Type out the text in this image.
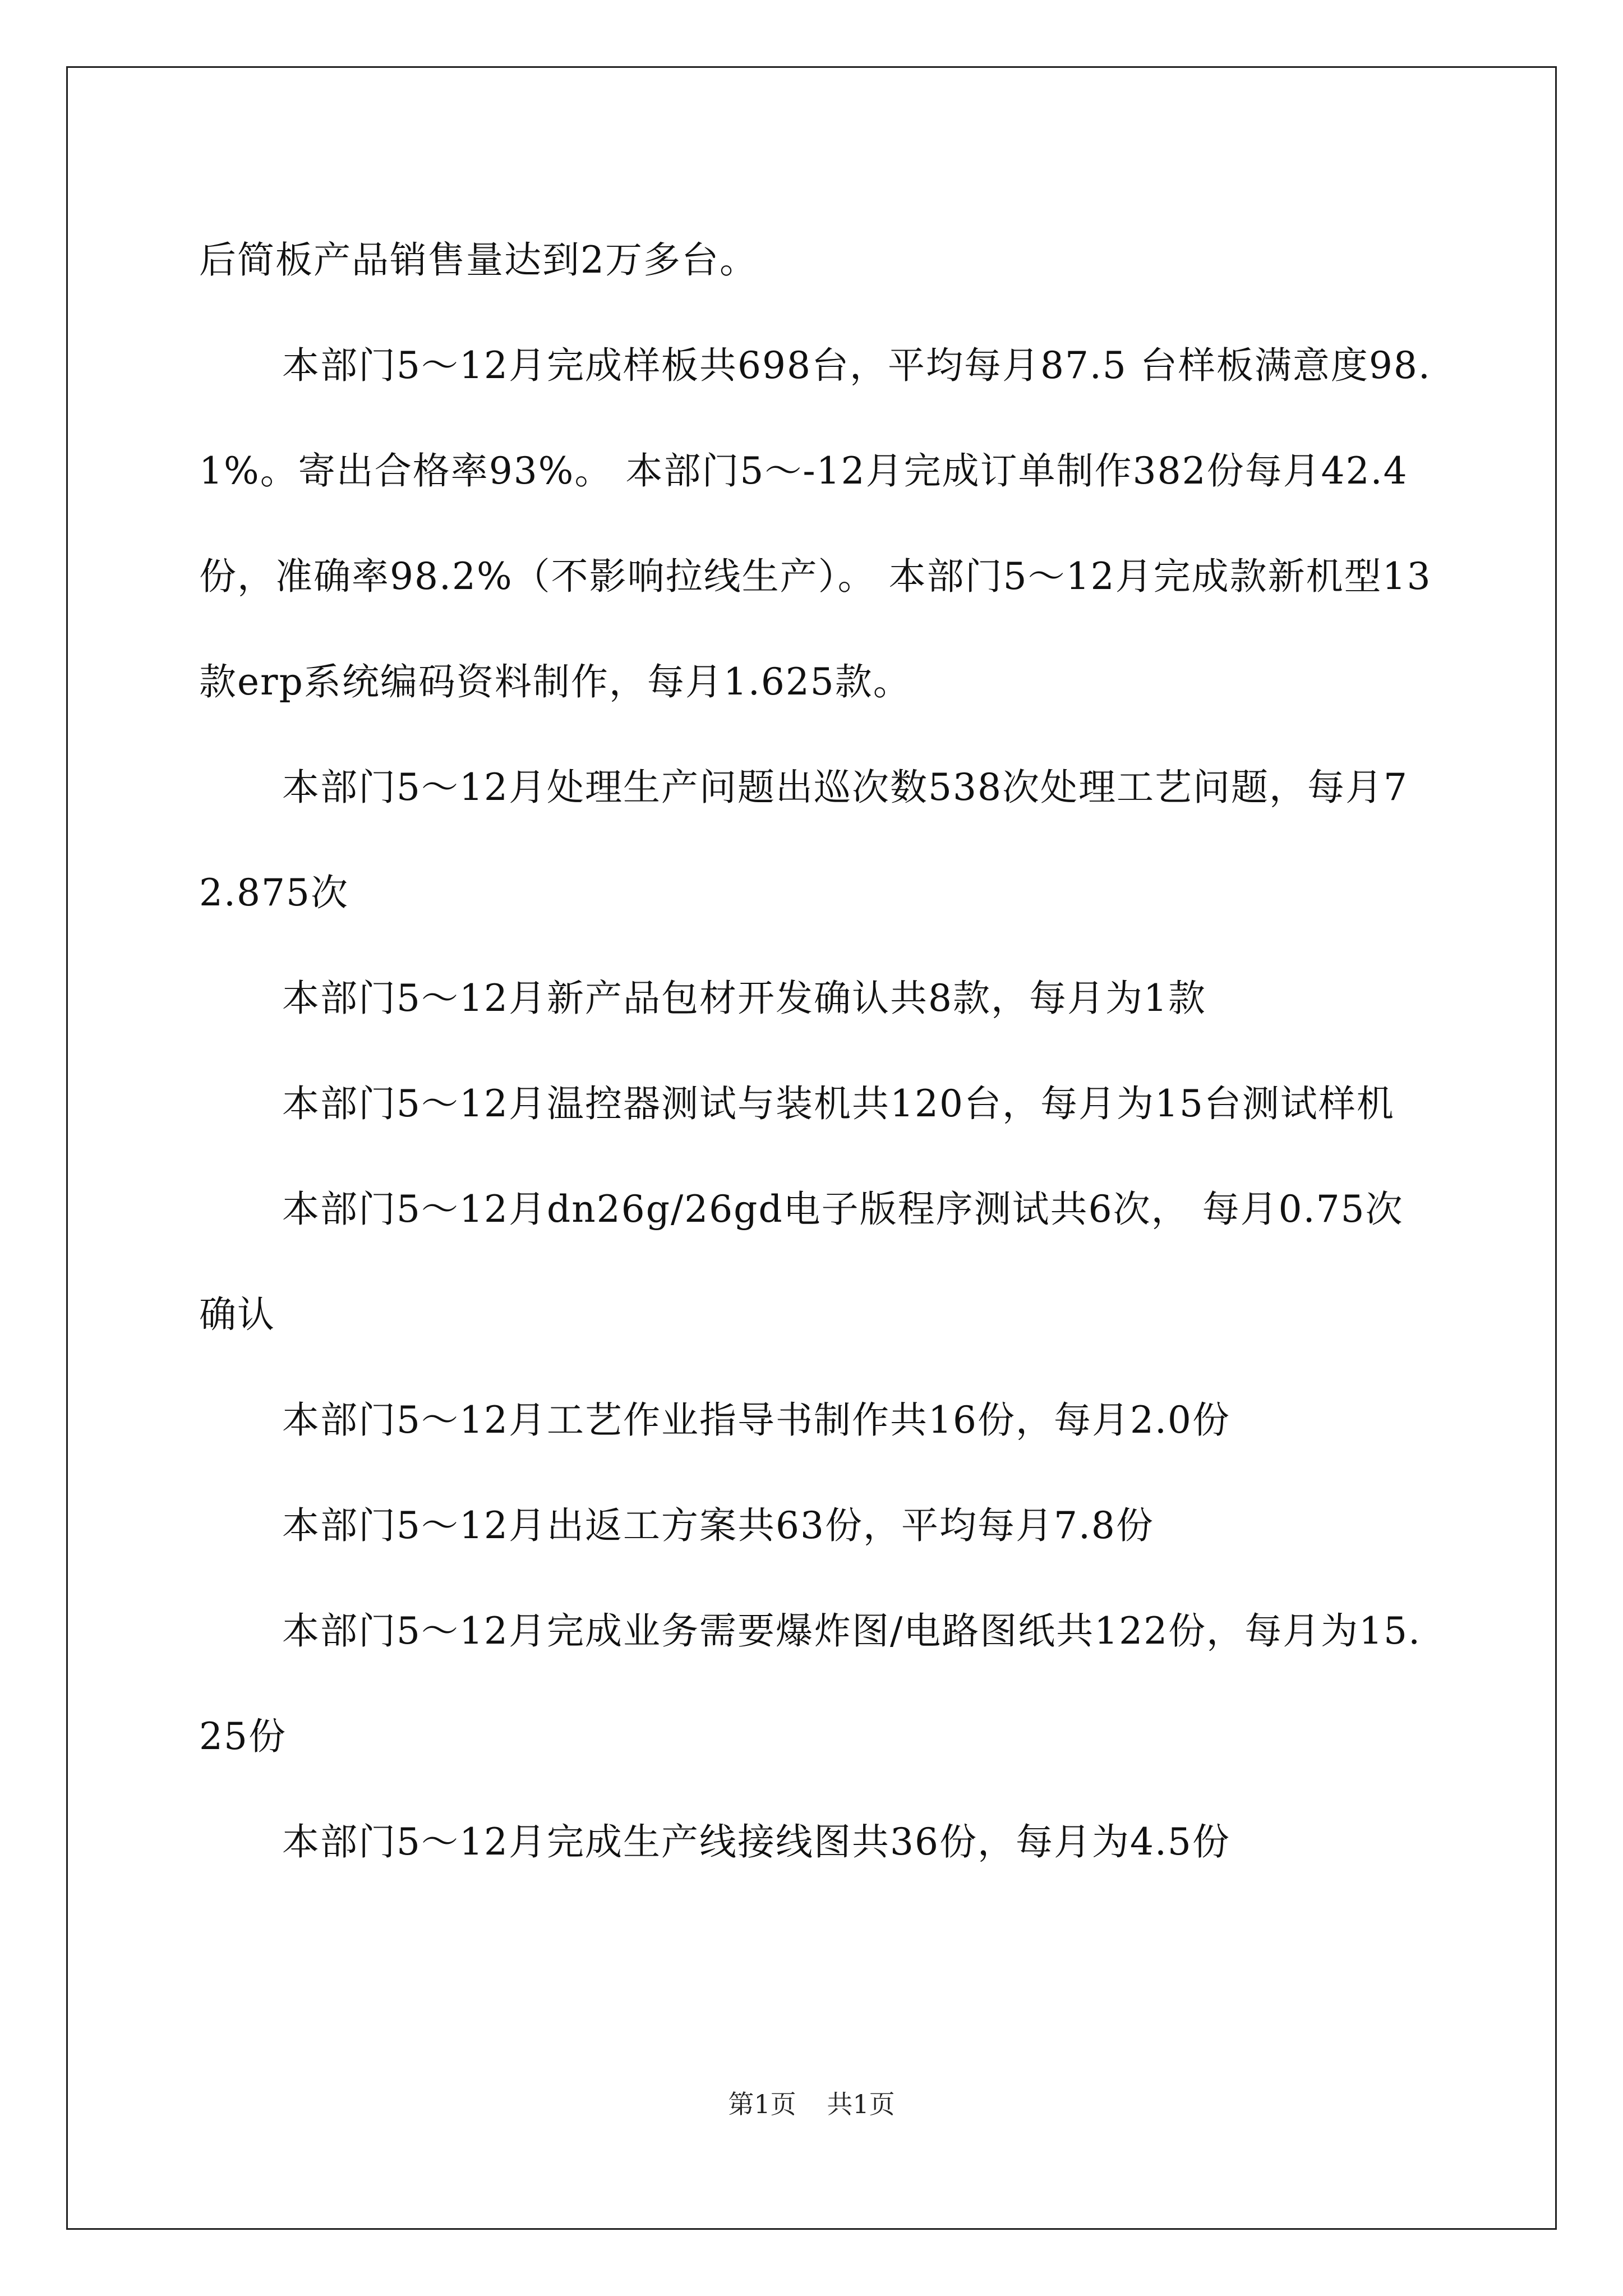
后简板产品销售量达到2万多台。

本部门5～12月完成样板共698台，平均每月87.5 台样板满意度98.1%。寄出合格率93%。 本部门5～-12月完成订单制作382份每月42.4份，准确率98.2%（不影响拉线生产）。 本部门5～12月完成款新机型13款erp系统编码资料制作，每月1.625款。

本部门5～12月处理生产问题出巡次数538次处理工艺问题，每月72.875次

本部门5～12月新产品包材开发确认共8款，每月为1款

本部门5～12月温控器测试与装机共120台，每月为15台测试样机

本部门5～12月dn26g/26gd电子版程序测试共6次， 每月0.75次确认

本部门5～12月工艺作业指导书制作共16份，每月2.0份

本部门5～12月出返工方案共63份，平均每月7.8份

本部门5～12月完成业务需要爆炸图/电路图纸共122份，每月为15.25份

本部门5～12月完成生产线接线图共36份，每月为4.5份

第1页 共1页
